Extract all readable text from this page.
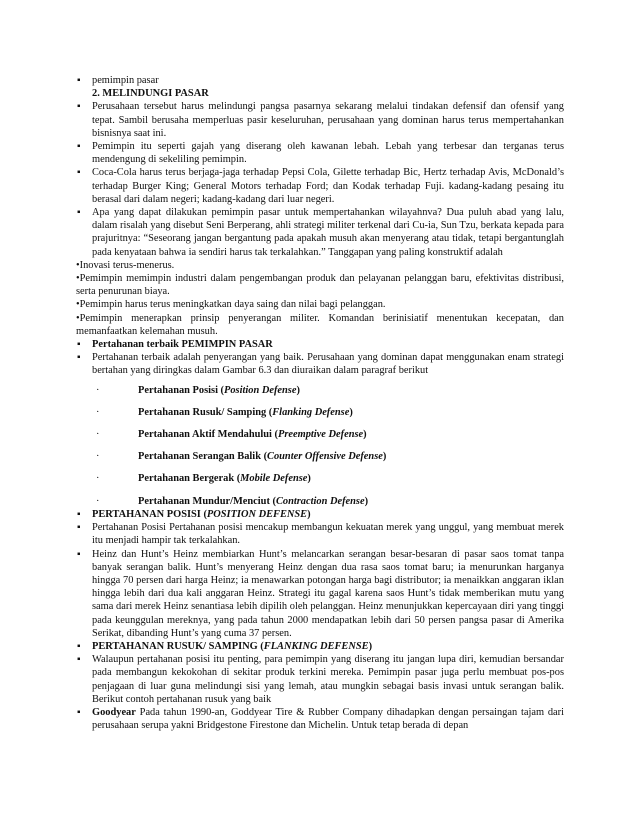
▪ pemimpin pasar
2. MELINDUNGI PASAR
▪ Perusahaan tersebut harus melindungi pangsa pasarnya sekarang melalui tindakan defensif dan ofensif yang tepat. Sambil berusaha memperluas pasir keseluruhan, perusahaan yang dominan harus terus mempertahankan bisnisnya saat ini.
▪ Pemimpin itu seperti gajah yang diserang oleh kawanan lebah. Lebah yang terbesar dan terganas terus mendengung di sekeliling pemimpin.
▪ Coca-Cola harus terus berjaga-jaga terhadap Pepsi Cola, Gilette terhadap Bic, Hertz terhadap Avis, McDonald’s terhadap Burger King; General Motors terhadap Ford; dan Kodak terhadap Fuji. kadang-kadang pesaing itu berasal dari dalam negeri; kadang-kadang dari luar negeri.
▪ Apa yang dapat dilakukan pemimpin pasar untuk mempertahankan wilayahnva? Dua puluh abad yang lalu, dalam risalah yang disebut Seni Berperang, ahli strategi militer terkenal dari Cu-ia, Sun Tzu, berkata kepada para prajuritnya: “Seseorang jangan bergantung pada apakah musuh akan menyerang atau tidak, tetapi bergantunglah pada kenyataan bahwa ia sendiri harus tak terkalahkan.” Tanggapan yang paling konstruktif adalah
•Inovasi terus-menerus.
•Pemimpin memimpin industri dalam pengembangan produk dan pelayanan pelanggan baru, efektivitas distribusi, serta penurunan biaya.
•Pemimpin harus terus meningkatkan daya saing dan nilai bagi pelanggan.
•Pemimpin menerapkan prinsip penyerangan militer. Komandan berinisiatif menentukan kecepatan, dan memanfaatkan kelemahan musuh.
▪ Pertahanan terbaik PEMIMPIN PASAR
▪ Pertahanan terbaik adalah penyerangan yang baik. Perusahaan yang dominan dapat menggunakan enam strategi bertahan yang diringkas dalam Gambar 6.3 dan diuraikan dalam paragraf berikut
·	Pertahanan Posisi (Position Defense)
·	Pertahanan Rusuk/ Samping (Flanking Defense)
·	Pertahanan Aktif Mendahului (Preemptive Defense)
·	Pertahanan Serangan Balik (Counter Offensive Defense)
·	Pertahanan Bergerak (Mobile Defense)
·	Pertahanan Mundur/Menciut (Contraction Defense)
▪ PERTAHANAN POSISI (POSITION DEFENSE)
▪ Pertahanan Posisi Pertahanan posisi mencakup membangun kekuatan merek yang unggul, yang membuat merek itu menjadi hampir tak terkalahkan.
▪ Heinz dan Hunt’s Heinz membiarkan Hunt’s melancarkan serangan besar-besaran di pasar saos tomat tanpa banyak serangan balik. Hunt’s menyerang Heinz dengan dua rasa saos tomat baru; ia menurunkan harganya hingga 70 persen dari harga Heinz; ia menawarkan potongan harga bagi distributor; ia menaikkan anggaran iklan hingga lebih dari dua kali anggaran Heinz. Strategi itu gagal karena saos Hunt’s tidak memberikan mutu yang sama dari merek Heinz senantiasa lebih dipilih oleh pelanggan. Heinz menunjukkan kepercayaan diri yang tinggi pada keunggulan mereknya, yang pada tahun 2000 mendapatkan lebih dari 50 persen pangsa pasar di Amerika Serikat, dibanding Hunt’s yang cuma 37 persen.
▪ PERTAHANAN RUSUK/ SAMPING (FLANKING DEFENSE)
▪ Walaupun pertahanan posisi itu penting, para pemimpin yang diserang itu jangan lupa diri, kemudian bersandar pada membangun kekokohan di sekitar produk terkini mereka. Pemimpin pasar juga perlu membuat pos-pos penjagaan di luar guna melindungi sisi yang lemah, atau mungkin sebagai basis invasi untuk serangan balik. Berikut contoh pertahanan rusuk yang baik
▪ Goodyear Pada tahun 1990-an, Goddyear Tire & Rubber Company dihadapkan dengan persaingan tajam dari perusahaan serupa yakni Bridgestone Firestone dan Michelin. Untuk tetap berada di depan
